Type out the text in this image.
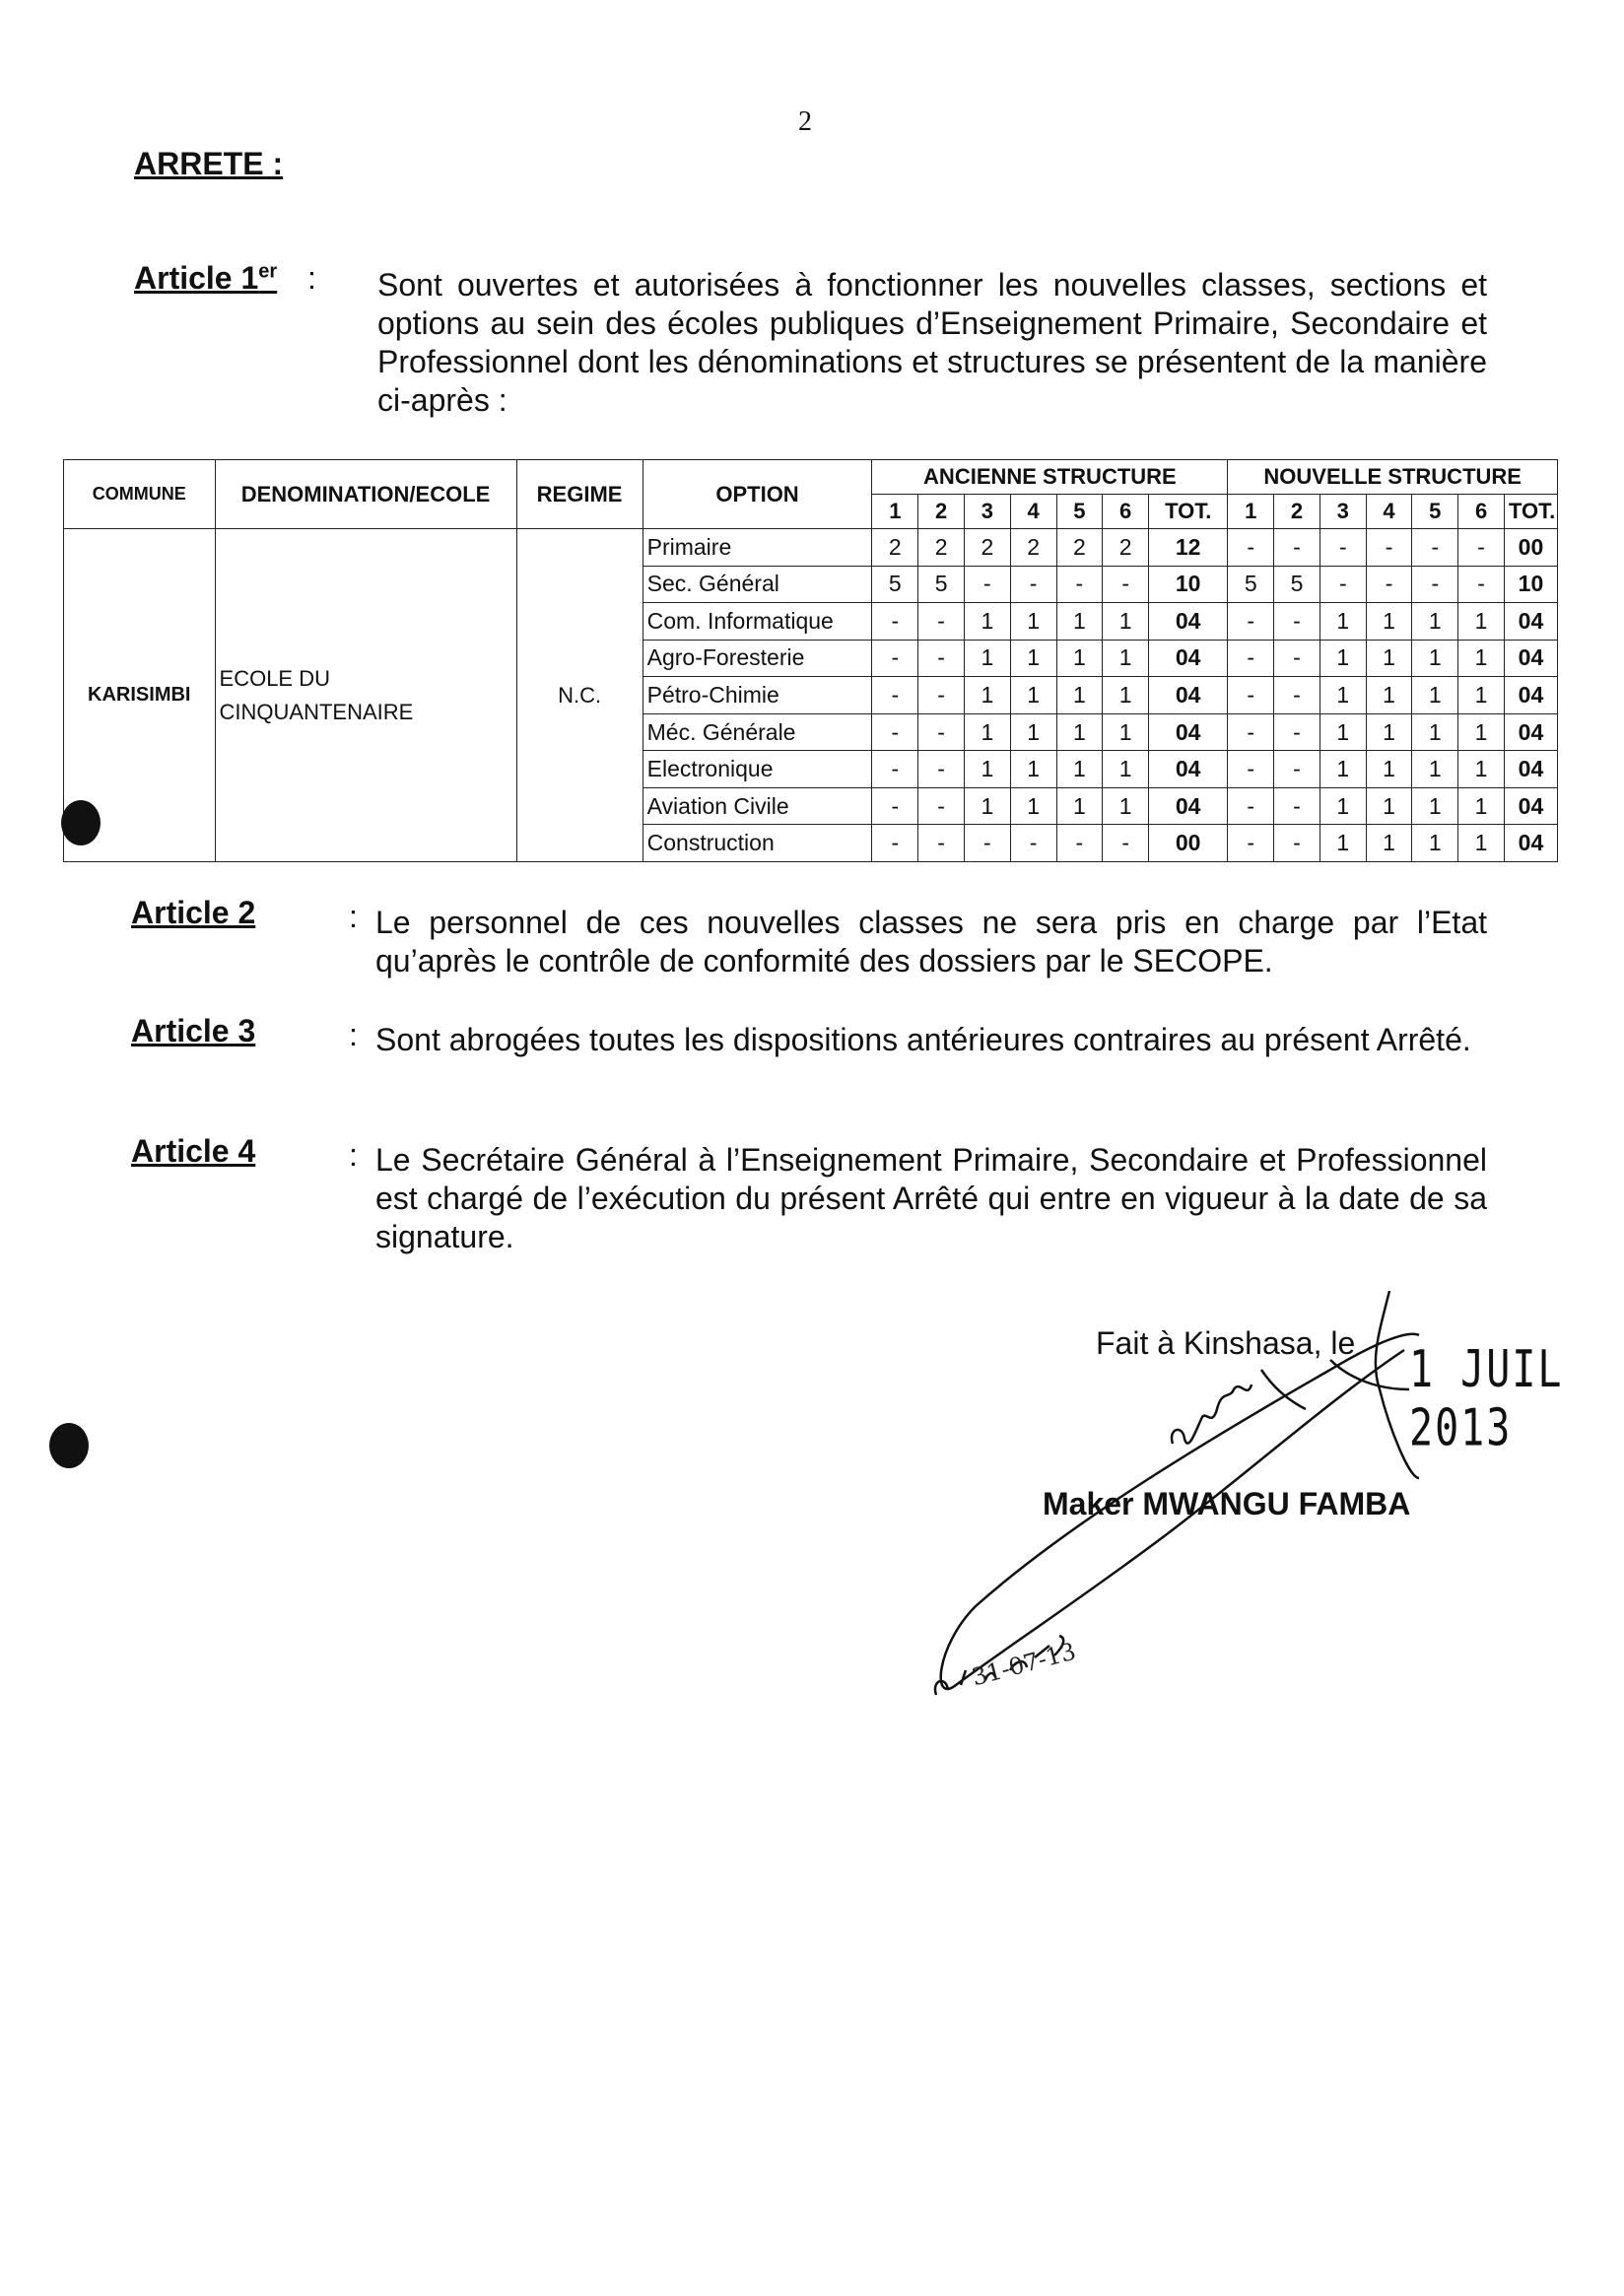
2
ARRETE :
Article 1er : Sont ouvertes et autorisées à fonctionner les nouvelles classes, sections et options au sein des écoles publiques d’Enseignement Primaire, Secondaire et Professionnel dont les dénominations et structures se présentent de la manière ci-après :

COMMUNE	DENOMINATION/ECOLE	REGIME	OPTION	ANCIENNE STRUCTURE							NOUVELLE STRUCTURE						
				1	2	3	4	5	6	TOT.	1	2	3	4	5	6	TOT.
KARISIMBI	ECOLE DU CINQUANTENAIRE	N.C.	Primaire	2	2	2	2	2	2	12	-	-	-	-	-	-	00
			Sec. Général	5	5	-	-	-	-	10	5	5	-	-	-	-	10
			Com. Informatique	-	-	1	1	1	1	04	-	-	1	1	1	1	04
			Agro-Foresterie	-	-	1	1	1	1	04	-	-	1	1	1	1	04
			Pétro-Chimie	-	-	1	1	1	1	04	-	-	1	1	1	1	04
			Méc. Générale	-	-	1	1	1	1	04	-	-	1	1	1	1	04
			Electronique	-	-	1	1	1	1	04	-	-	1	1	1	1	04
			Aviation Civile	-	-	1	1	1	1	04	-	-	1	1	1	1	04
			Construction	-	-	-	-	-	-	00	-	-	1	1	1	1	04
Article 2	: Le personnel de ces nouvelles classes ne sera pris en charge par l’Etat qu’après le contrôle de conformité des dossiers par le SECOPE.

Article 3	: Sont abrogées toutes les dispositions antérieures contraires au présent Arrêté.

Article 4	: Le Secrétaire Général à l’Enseignement Primaire, Secondaire et Professionnel est chargé de l’exécution du présent Arrêté qui entre en vigueur à la date de sa signature.

Fait à Kinshasa, le 1 JUIL 2013
Maker MWANGU FAMBA
31-07-13
